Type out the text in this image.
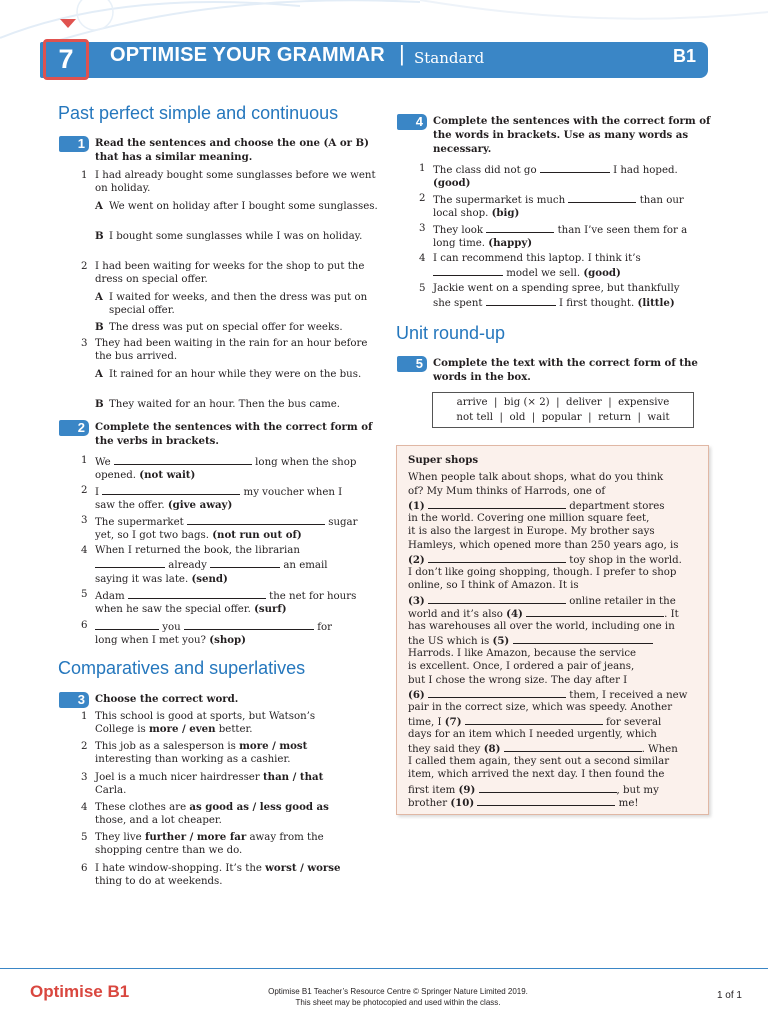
7	OPTIMISE YOUR GRAMMAR | Standard	B1
Past perfect simple and continuous
1 Read the sentences and choose the one (A or B) that has a similar meaning.
1 I had already bought some sunglasses before we went on holiday.
A We went on holiday after I bought some sunglasses.
B I bought some sunglasses while I was on holiday.
2 I had been waiting for weeks for the shop to put the dress on special offer.
A I waited for weeks, and then the dress was put on special offer.
B The dress was put on special offer for weeks.
3 They had been waiting in the rain for an hour before the bus arrived.
A It rained for an hour while they were on the bus.
B They waited for an hour. Then the bus came.
2 Complete the sentences with the correct form of the verbs in brackets.
1 We	long when the shop
opened. (not wait)
2 I	my voucher when I
saw the offer. (give away)
3 The supermarket	sugar
yet, so I got two bags. (not run out of)
4 When I returned the book, the librarian
already	an email
saying it was late. (send)
5 Adam	the net for hours
when he saw the special offer. (surf)
6	you	for
long when I met you? (shop)
Comparatives and superlatives
3 Choose the correct word.
1 This school is good at sports, but Watson’s
College is more / even better.
2 This job as a salesperson is more / most
interesting than working as a cashier.
3 Joel is a much nicer hairdresser than / that
Carla.
4 These clothes are as good as / less good as
those, and a lot cheaper.
5 They live further / more far away from the
shopping centre than we do.
6 I hate window-shopping. It’s the worst / worse
thing to do at weekends.
4 Complete the sentences with the correct form of the words in brackets. Use as many words as necessary.
1 The class did not go	I had hoped.
(good)
2 The supermarket is much	than our
local shop. (big)
3 They look	than I’ve seen them for a
long time. (happy)
4 I can recommend this laptop. I think it’s
model we sell. (good)
5 Jackie went on a spending spree, but thankfully
she spent	I first thought. (little)
Unit round-up
5 Complete the text with the correct form of the words in the box.
arrive  |  big (× 2)  |  deliver  |  expensive
not tell  |  old  |  popular  |  return  |  wait
Super shops
When people talk about shops, what do you think
of? My Mum thinks of Harrods, one of
(1)	department stores
in the world. Covering one million square feet,
it is also the largest in Europe. My brother says
Hamleys, which opened more than 250 years ago, is
(2)	toy shop in the world.
I don’t like going shopping, though. I prefer to shop
online, so I think of Amazon. It is
(3)	online retailer in the
world and it’s also (4)	. It
has warehouses all over the world, including one in
the US which is (5)
Harrods. I like Amazon, because the service
is excellent. Once, I ordered a pair of jeans,
but I chose the wrong size. The day after I
(6)	them, I received a new
pair in the correct size, which was speedy. Another
time, I (7)	for several
days for an item which I needed urgently, which
they said they (8)	. When
I called them again, they sent out a second similar
item, which arrived the next day. I then found the
first item (9)	, but my
brother (10)	me!
Optimise B1	Optimise B1 Teacher’s Resource Centre © Springer Nature Limited 2019.
This sheet may be photocopied and used within the class.
1 of 1
